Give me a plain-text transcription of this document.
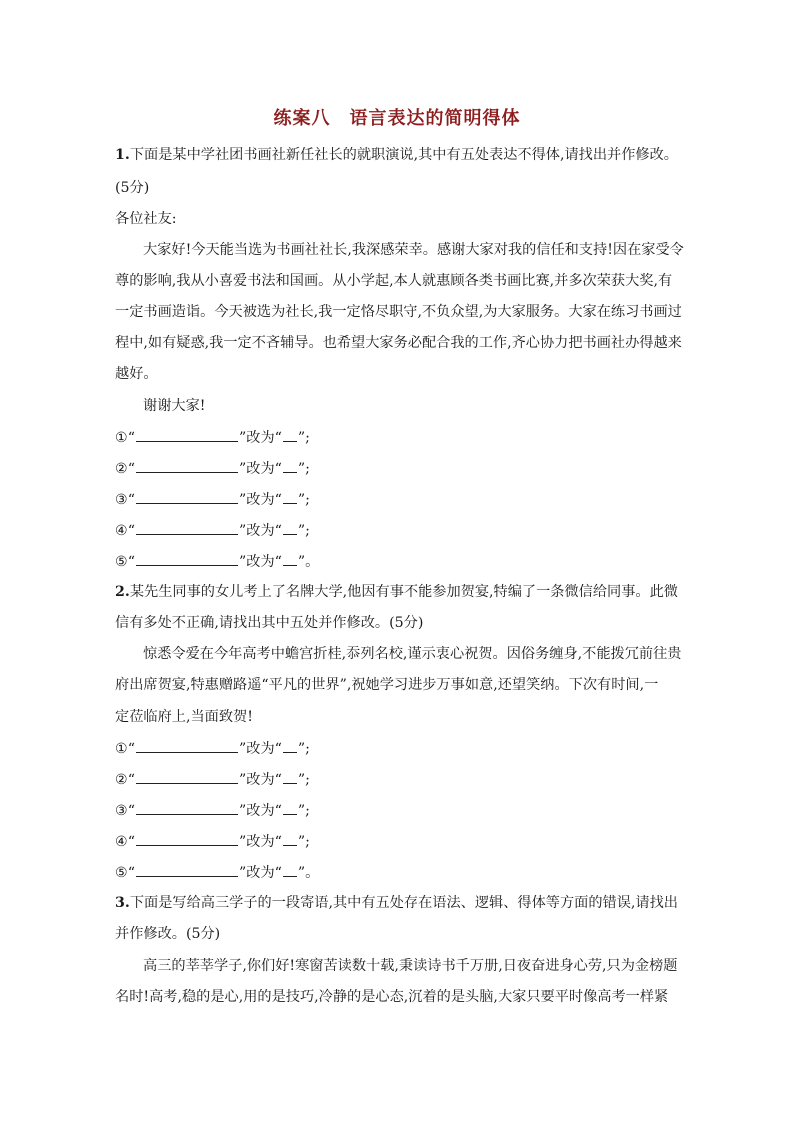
练案八　语言表达的简明得体
1.下面是某中学社团书画社新任社长的就职演说,其中有五处表达不得体,请找出并作修改。
(5分)
各位社友:
大家好!今天能当选为书画社社长,我深感荣幸。感谢大家对我的信任和支持!因在家受令
尊的影响,我从小喜爱书法和国画。从小学起,本人就惠顾各类书画比赛,并多次荣获大奖,有
一定书画造诣。今天被选为社长,我一定恪尽职守,不负众望,为大家服务。大家在练习书画过
程中,如有疑惑,我一定不吝辅导。也希望大家务必配合我的工作,齐心协力把书画社办得越来
越好。
谢谢大家!
①“	”改为“ ”;
②“	”改为“ ”;
③“	”改为“ ”;
④“	”改为“ ”;
⑤“	”改为“ ”。
2.某先生同事的女儿考上了名牌大学,他因有事不能参加贺宴,特编了一条微信给同事。此微
信有多处不正确,请找出其中五处并作修改。(5分)
惊悉令爱在今年高考中蟾宫折桂,忝列名校,谨示衷心祝贺。因俗务缠身,不能拨冗前往贵
府出席贺宴,特惠赠路遥“平凡的世界”,祝她学习进步万事如意,还望笑纳。下次有时间,一
定莅临府上,当面致贺!
①“	”改为“ ”;
②“	”改为“ ”;
③“	”改为“ ”;
④“	”改为“ ”;
⑤“	”改为“ ”。
3.下面是写给高三学子的一段寄语,其中有五处存在语法、逻辑、得体等方面的错误,请找出
并作修改。(5分)
高三的莘莘学子,你们好!寒窗苦读数十载,秉读诗书千万册,日夜奋进身心劳,只为金榜题
名时!高考,稳的是心,用的是技巧,冷静的是心态,沉着的是头脑,大家只要平时像高考一样紧
